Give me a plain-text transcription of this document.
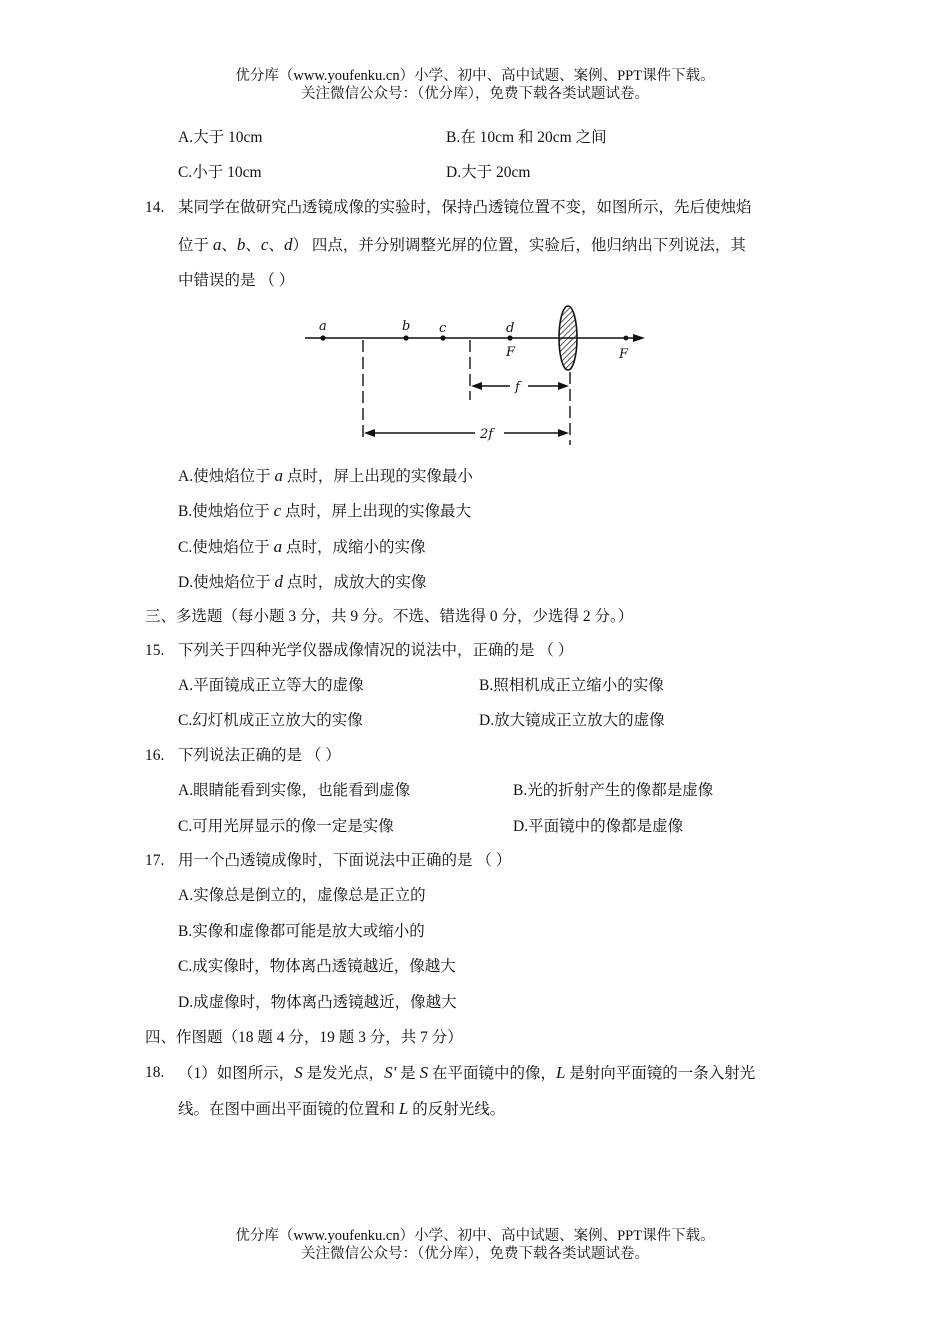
优分库（www.youfenku.cn）小学、初中、高中试题、案例、PPT课件下载。
关注微信公众号：（优分库），免费下载各类试题试卷。
A.大于 10cm	B.在 10cm 和 20cm 之间
C.小于 10cm	D.大于 20cm
14. 某同学在做研究凸透镜成像的实验时，保持凸透镜位置不变，如图所示，先后使烛焰
位于 a、b、c、d） 四点，并分别调整光屏的位置，实验后，他归纳出下列说法，其
中错误的是 （ ）
a	b c	d
F	F
f
2f
A.使烛焰位于 a 点时，屏上出现的实像最小
B.使烛焰位于 c 点时，屏上出现的实像最大
C.使烛焰位于 a 点时，成缩小的实像
D.使烛焰位于 d 点时，成放大的实像
三、多选题（每小题 3 分，共 9 分。不选、错选得 0 分，少选得 2 分。）
15. 下列关于四种光学仪器成像情况的说法中，正确的是 （ ）
A.平面镜成正立等大的虚像	B.照相机成正立缩小的实像
C.幻灯机成正立放大的实像	D.放大镜成正立放大的虚像
16. 下列说法正确的是 （ ）
A.眼睛能看到实像，也能看到虚像	B.光的折射产生的像都是虚像
C.可用光屏显示的像一定是实像	D.平面镜中的像都是虚像
17. 用一个凸透镜成像时，下面说法中正确的是 （ ）
A.实像总是倒立的，虚像总是正立的
B.实像和虚像都可能是放大或缩小的
C.成实像时，物体离凸透镜越近，像越大
D.成虚像时，物体离凸透镜越近，像越大
四、作图题（18 题 4 分，19 题 3 分，共 7 分）
18. （1）如图所示，S 是发光点，S' 是 S 在平面镜中的像，L 是射向平面镜的一条入射光
线。在图中画出平面镜的位置和 L 的反射光线。
优分库（www.youfenku.cn）小学、初中、高中试题、案例、PPT课件下载。
关注微信公众号：（优分库），免费下载各类试题试卷。
